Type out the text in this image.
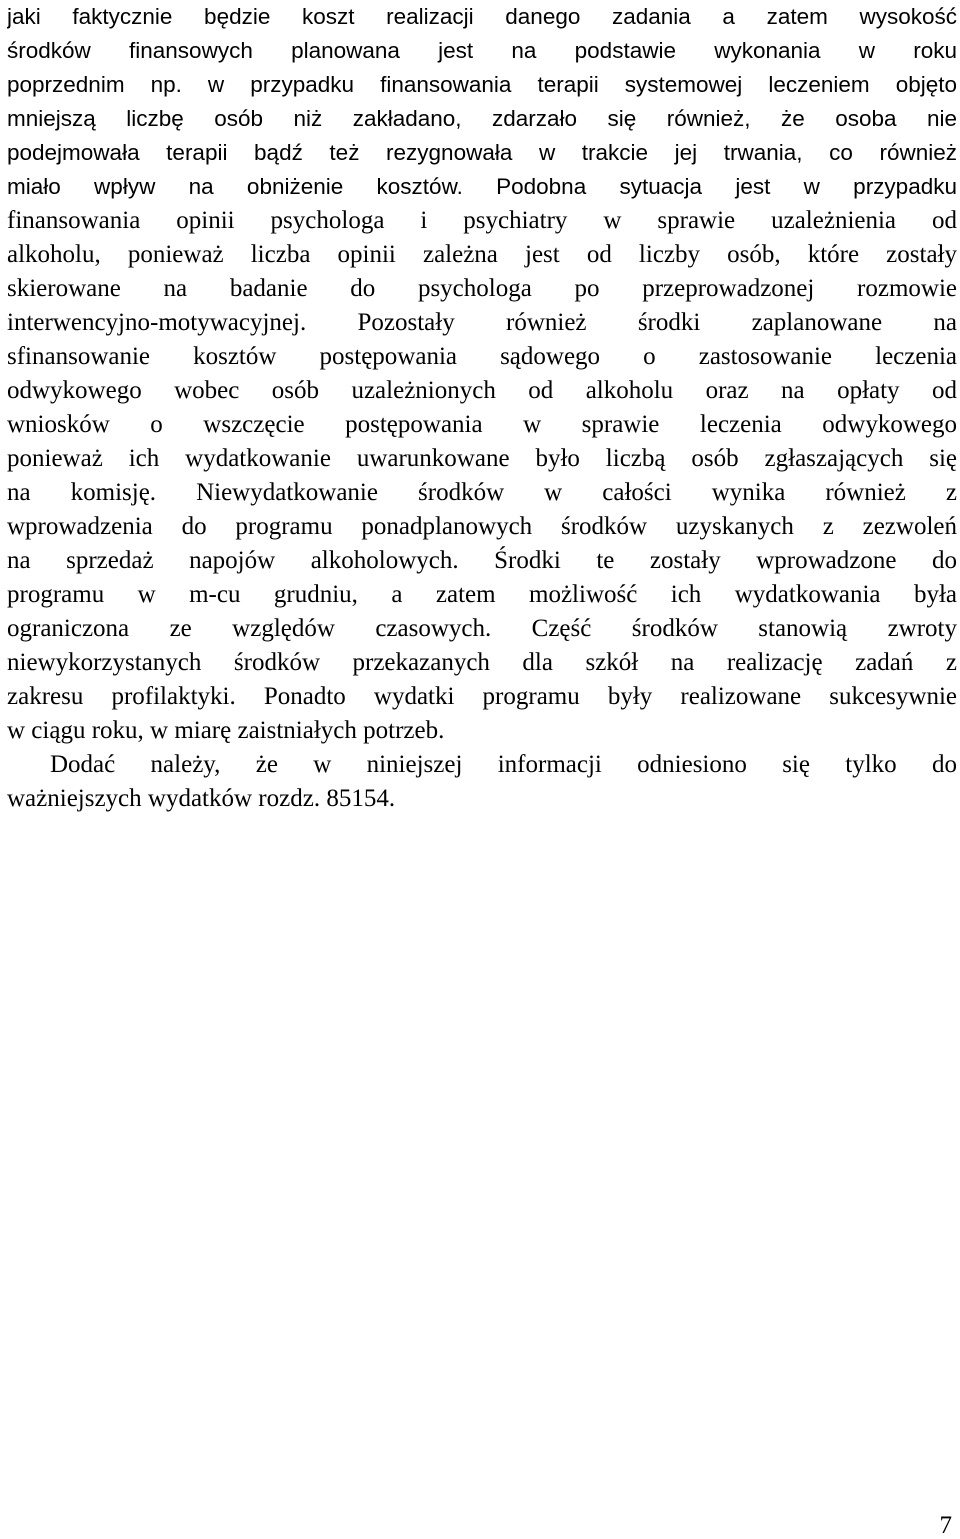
jaki faktycznie będzie koszt realizacji danego zadania a zatem wysokość
środków finansowych planowana jest na podstawie wykonania w roku
poprzednim np. w przypadku finansowania terapii systemowej leczeniem objęto
mniejszą liczbę osób niż zakładano, zdarzało się również, że osoba nie
podejmowała terapii bądź też rezygnowała w trakcie jej trwania, co również
miało wpływ na obniżenie kosztów. Podobna sytuacja jest w przypadku
finansowania opinii psychologa i psychiatry w sprawie uzależnienia od
alkoholu, ponieważ liczba opinii zależna jest od liczby osób, które zostały
skierowane na badanie do psychologa po przeprowadzonej rozmowie
interwencyjno-motywacyjnej. Pozostały również środki zaplanowane na
sfinansowanie kosztów postępowania sądowego o zastosowanie leczenia
odwykowego wobec osób uzależnionych od alkoholu oraz na opłaty od
wniosków o wszczęcie postępowania w sprawie leczenia odwykowego
ponieważ ich wydatkowanie uwarunkowane było liczbą osób zgłaszających się
na komisję. Niewydatkowanie środków w całości wynika również z
wprowadzenia do programu ponadplanowych środków uzyskanych z zezwoleń
na sprzedaż napojów alkoholowych. Środki te zostały wprowadzone do
programu w m-cu grudniu, a zatem możliwość ich wydatkowania była
ograniczona ze względów czasowych. Część środków stanowią zwroty
niewykorzystanych środków przekazanych dla szkół na realizację zadań z
zakresu profilaktyki. Ponadto wydatki programu były realizowane sukcesywnie
w ciągu roku, w miarę zaistniałych potrzeb.
Dodać należy, że w niniejszej informacji odniesiono się tylko do
ważniejszych wydatków rozdz. 85154.

7
